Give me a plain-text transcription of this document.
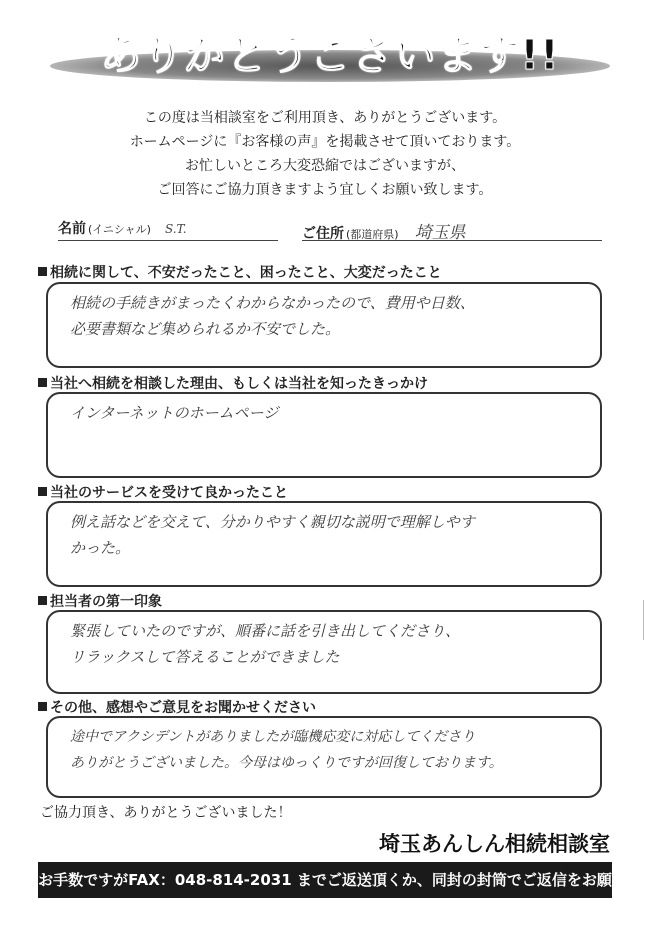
ありがとうございます!!
この度は当相談室をご利用頂き、ありがとうございます。
ホームページに『お客様の声』を掲載させて頂いております。
お忙しいところ大変恐縮ではございますが、
ご回答にご協力頂きますよう宜しくお願い致します。
名前 (イニシャル) S.T.	ご住所 (都道府県) 埼玉県
相続に関して、不安だったこと、困ったこと、大変だったこと
相続の手続きがまったくわからなかったので、費用や日数、
必要書類など集められるか不安でした。
当社へ相続を相談した理由、もしくは当社を知ったきっかけ
インターネットのホームページ
当社のサービスを受けて良かったこと
例え話などを交えて、分かりやすく親切な説明で理解しやす
かった。
担当者の第一印象
緊張していたのですが、順番に話を引き出してくださり、
リラックスして答えることができました
その他、感想やご意見をお聞かせください
途中でアクシデントがありましたが臨機応変に対応してくださり
ありがとうございました。今母はゆっくりですが回復しております。
ご協力頂き、ありがとうございました！
埼玉あんしん相続相談室
お手数ですがFAX：048-814-2031 までご返送頂くか、同封の封筒でご返信をお願いします
